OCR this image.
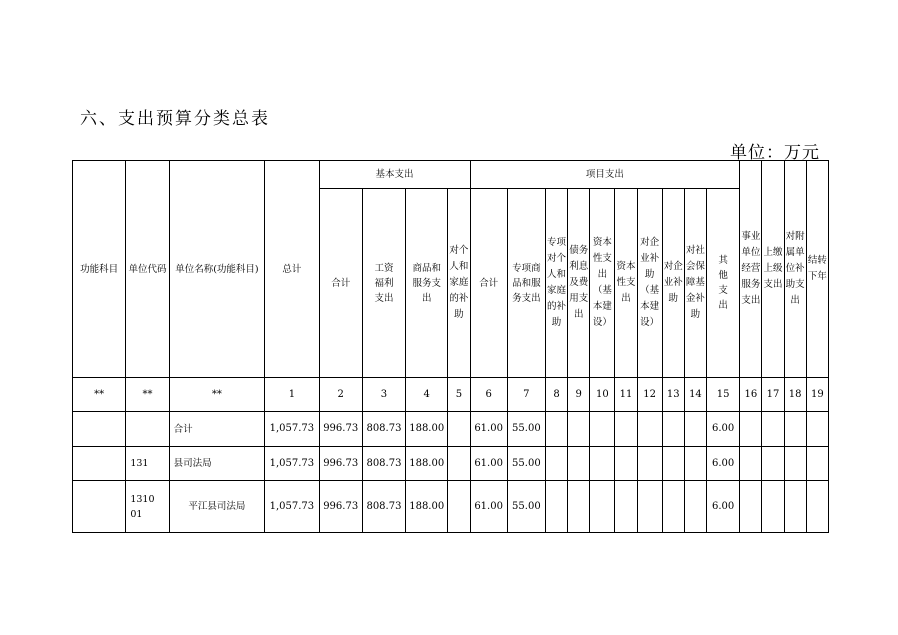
六、支出预算分类总表
单位：万元
功能科目	单位代码	单位名称(功能科目)	总计	基本支出				项目支出										事业单位经营服务支出	上缴上级支出	对附属单位补助支出	结转下年
				合计	工资福利支出	商品和服务支出	对个人和家庭的补助	合计	专项商品和服务支出	专项对个人和家庭的补助	债务利息及费用支出	资本性支出（基本建设）	资本性支出	对企业补助（基本建设）	对企业补助	对社会保障基金补助	其他支出				
**	**	**	1	2	3	4	5	6	7	8	9	10	11	12	13	14	15	16	17	18	19
		合计	1,057.73	996.73	808.73	188.00		61.00	55.00								6.00				
	131	县司法局	1,057.73	996.73	808.73	188.00		61.00	55.00								6.00				
	131001	平江县司法局	1,057.73	996.73	808.73	188.00		61.00	55.00								6.00				
